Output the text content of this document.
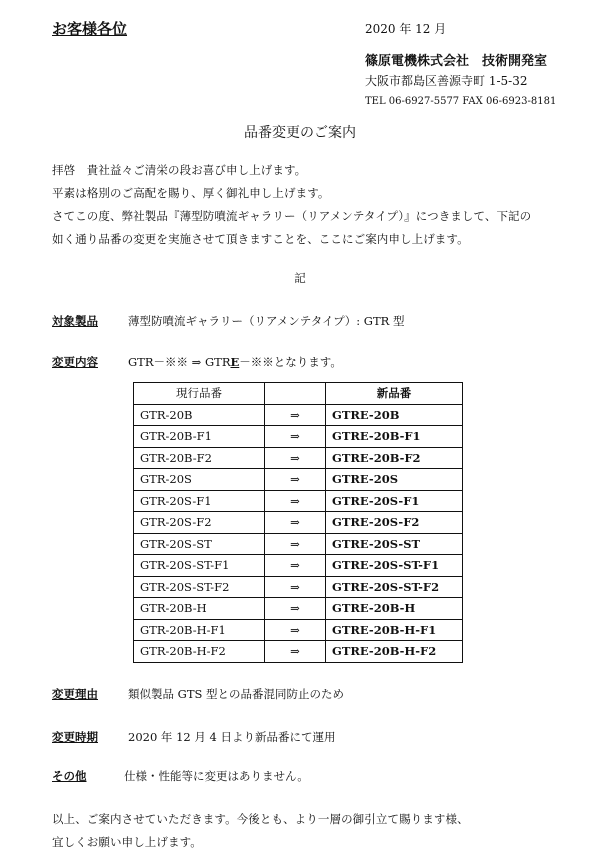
お客様各位	2020 年 12 月
篠原電機株式会社　技術開発室
大阪市都島区善源寺町 1-5-32
TEL 06-6927-5577 FAX 06-6923-8181
品番変更のご案内
拝啓　貴社益々ご清栄の段お喜び申し上げます。
平素は格別のご高配を賜り、厚く御礼申し上げます。
さてこの度、弊社製品『薄型防噴流ギャラリー（リアメンテタイプ）』につきまして、下記の
如く通り品番の変更を実施させて頂きますことを、ここにご案内申し上げます。
記
対象製品	薄型防噴流ギャラリー（リアメンテタイプ）: GTR 型
変更内容	GTR－※※ ⇒ GTRE－※※となります。
現行品番		新品番
GTR-20B	⇒	GTRE-20B
GTR-20B-F1	⇒	GTRE-20B-F1
GTR-20B-F2	⇒	GTRE-20B-F2
GTR-20S	⇒	GTRE-20S
GTR-20S-F1	⇒	GTRE-20S-F1
GTR-20S-F2	⇒	GTRE-20S-F2
GTR-20S-ST	⇒	GTRE-20S-ST
GTR-20S-ST-F1	⇒	GTRE-20S-ST-F1
GTR-20S-ST-F2	⇒	GTRE-20S-ST-F2
GTR-20B-H	⇒	GTRE-20B-H
GTR-20B-H-F1	⇒	GTRE-20B-H-F1
GTR-20B-H-F2	⇒	GTRE-20B-H-F2
変更理由	類似製品 GTS 型との品番混同防止のため
変更時期	2020 年 12 月 4 日より新品番にて運用
その他	仕様・性能等に変更はありません。
以上、ご案内させていただきます。今後とも、より一層の御引立て賜ります様、
宜しくお願い申し上げます。
